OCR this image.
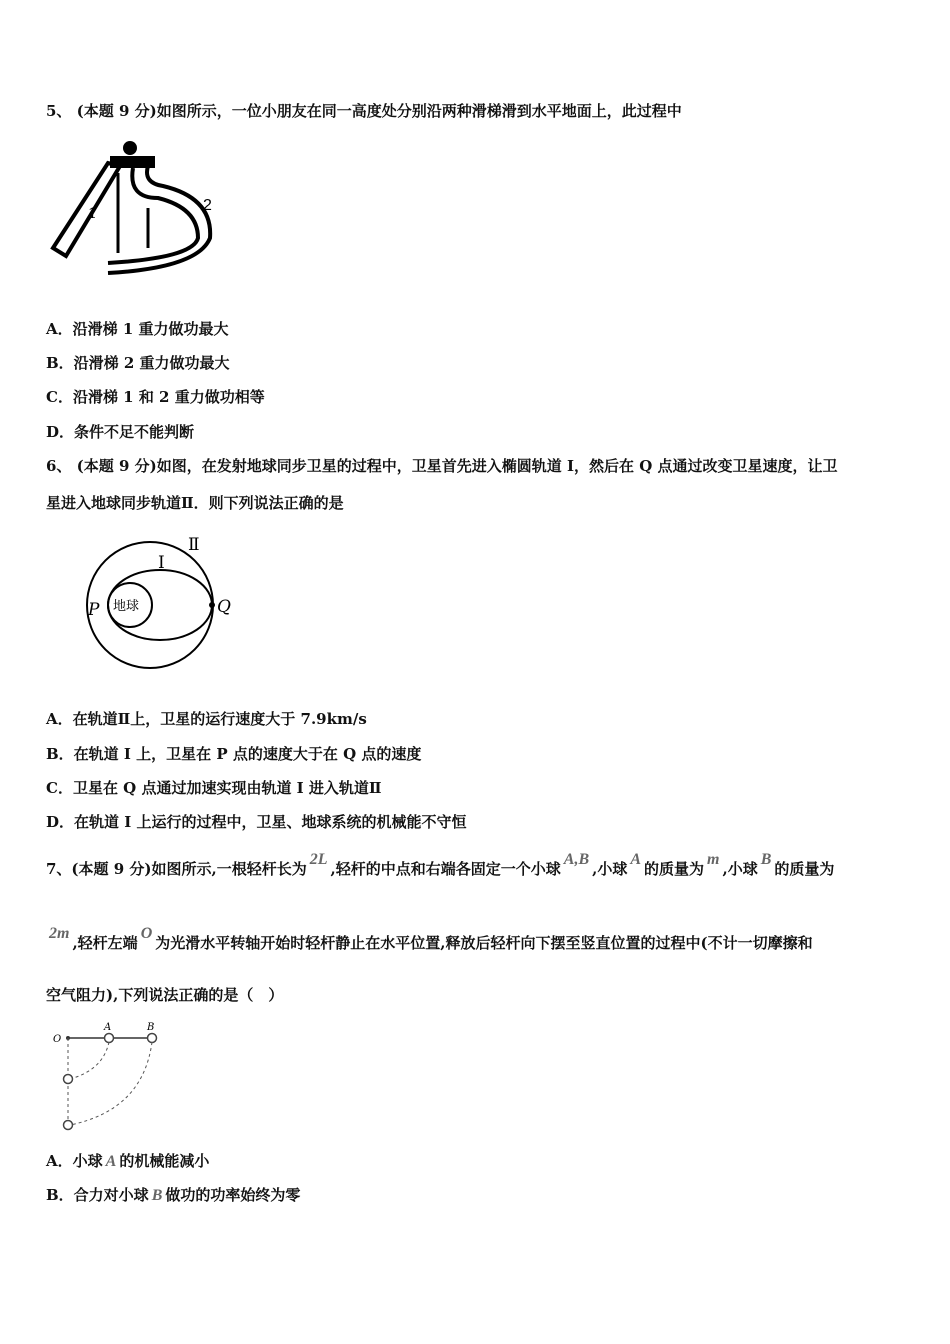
5、 (本题 9 分)如图所示，一位小朋友在同一高度处分别沿两种滑梯滑到水平地面上，此过程中
1	2
A．沿滑梯 1 重力做功最大
B．沿滑梯 2 重力做功最大
C．沿滑梯 1 和 2 重力做功相等
D．条件不足不能判断
6、 (本题 9 分)如图，在发射地球同步卫星的过程中，卫星首先进入椭圆轨道 I，然后在 Q 点通过改变卫星速度，让卫
星进入地球同步轨道Ⅱ．则下列说法正确的是
地球
P	Q
I
Ⅱ
A．在轨道Ⅱ上，卫星的运行速度大于 7.9km/s
B．在轨道 I 上，卫星在 P 点的速度大于在 Q 点的速度
C．卫星在 Q 点通过加速实现由轨道 I 进入轨道Ⅱ
D．在轨道 I 上运行的过程中，卫星、地球系统的机械能不守恒
7、(本题 9 分)如图所示,一根轻杆长为2L,轻杆的中点和右端各固定一个小球A,B,小球A的质量为m,小球B的质量为
2m,轻杆左端O为光滑水平转轴开始时轻杆静止在水平位置,释放后轻杆向下摆至竖直位置的过程中(不计一切摩擦和
空气阻力),下列说法正确的是（　）
O
A	B
A．小球 A 的机械能减小
B．合力对小球 B 做功的功率始终为零
